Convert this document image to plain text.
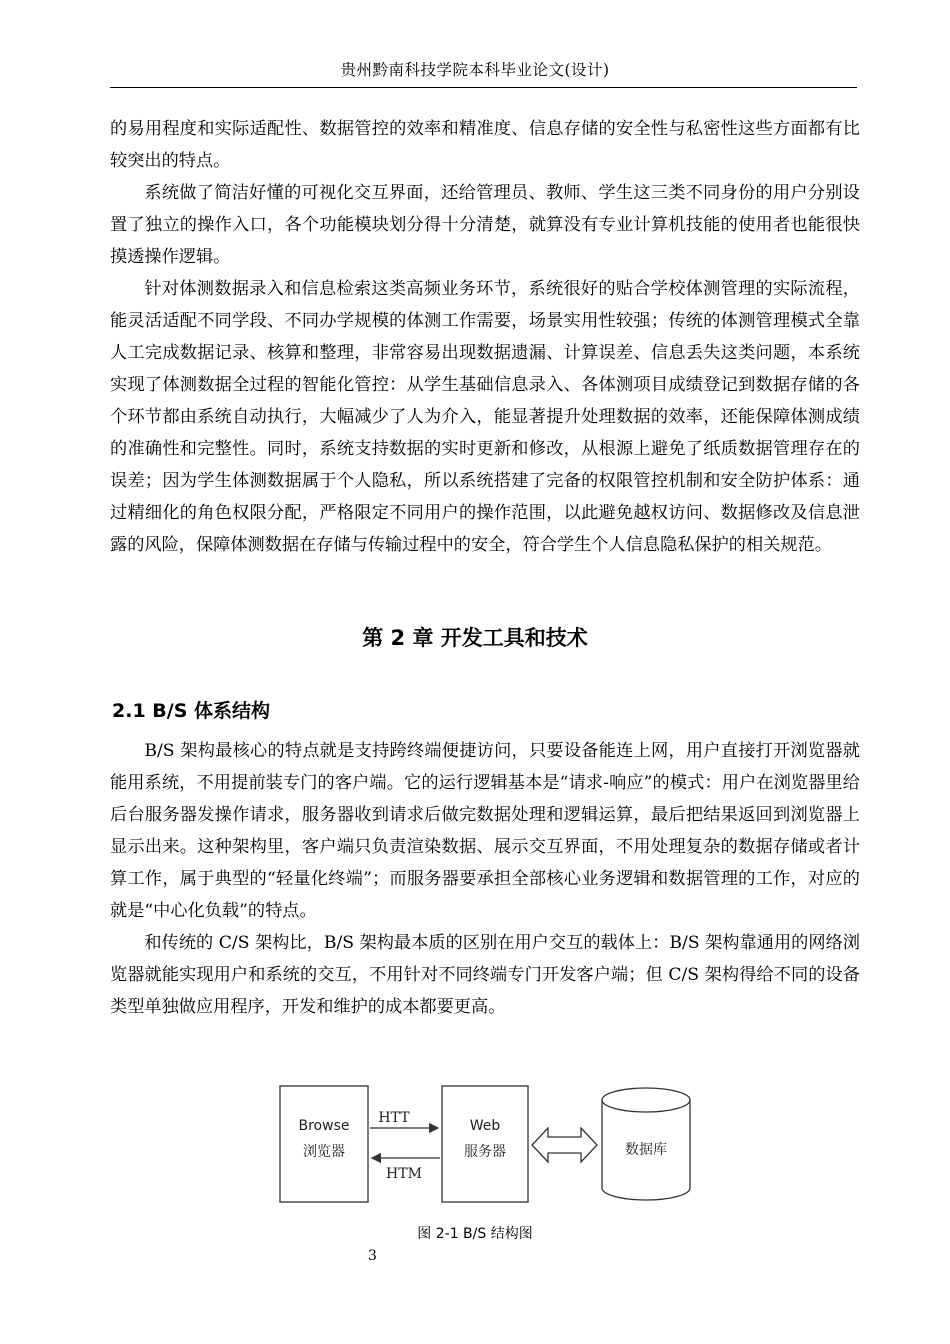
贵州黔南科技学院本科毕业论文(设计)

的易用程度和实际适配性、数据管控的效率和精准度、信息存储的安全性与私密性这些方面都有比较突出的特点。

系统做了简洁好懂的可视化交互界面，还给管理员、教师、学生这三类不同身份的用户分别设置了独立的操作入口，各个功能模块划分得十分清楚，就算没有专业计算机技能的使用者也能很快摸透操作逻辑。

针对体测数据录入和信息检索这类高频业务环节，系统很好的贴合学校体测管理的实际流程，能灵活适配不同学段、不同办学规模的体测工作需要，场景实用性较强；传统的体测管理模式全靠人工完成数据记录、核算和整理，非常容易出现数据遗漏、计算误差、信息丢失这类问题，本系统实现了体测数据全过程的智能化管控：从学生基础信息录入、各体测项目成绩登记到数据存储的各个环节都由系统自动执行，大幅减少了人为介入，能显著提升处理数据的效率，还能保障体测成绩的准确性和完整性。同时，系统支持数据的实时更新和修改，从根源上避免了纸质数据管理存在的误差；因为学生体测数据属于个人隐私，所以系统搭建了完备的权限管控机制和安全防护体系：通过精细化的角色权限分配，严格限定不同用户的操作范围，以此避免越权访问、数据修改及信息泄露的风险，保障体测数据在存储与传输过程中的安全，符合学生个人信息隐私保护的相关规范。

第 2 章 开发工具和技术
2.1 B/S 体系结构

B/S 架构最核心的特点就是支持跨终端便捷访问，只要设备能连上网，用户直接打开浏览器就能用系统，不用提前装专门的客户端。它的运行逻辑基本是“请求-响应”的模式：用户在浏览器里给后台服务器发操作请求，服务器收到请求后做完数据处理和逻辑运算，最后把结果返回到浏览器上显示出来。这种架构里，客户端只负责渲染数据、展示交互界面，不用处理复杂的数据存储或者计算工作，属于典型的“轻量化终端”；而服务器要承担全部核心业务逻辑和数据管理的工作，对应的就是“中心化负载”的特点。

和传统的 C/S 架构比，B/S 架构最本质的区别在用户交互的载体上：B/S 架构靠通用的网络浏览器就能实现用户和系统的交互，不用针对不同终端专门开发客户端；但 C/S 架构得给不同的设备类型单独做应用程序，开发和维护的成本都要更高。

Browse
浏览器
HTT
HTM
Web
服务器	数据库
图 2-1 B/S 结构图
3
